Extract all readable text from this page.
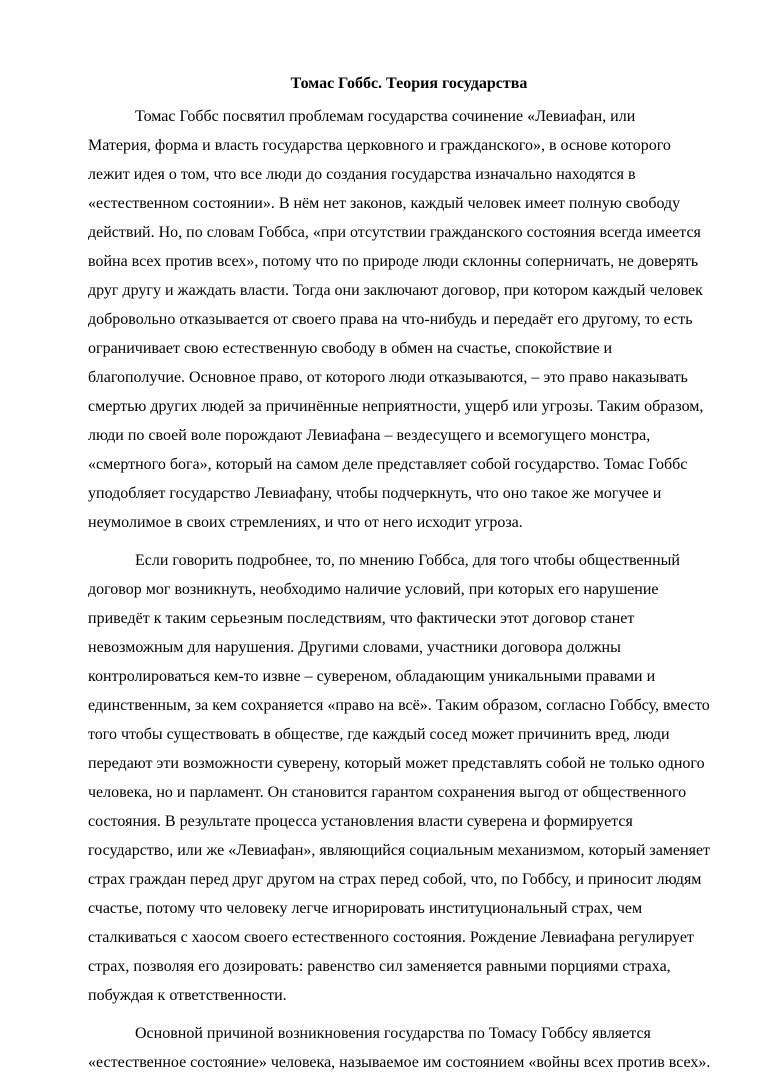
Томас Гоббс. Теория государства

Томас Гоббс посвятил проблемам государства сочинение «Левиафан, или
Материя, форма и власть государства церковного и гражданского», в основе которого
лежит идея о том, что все люди до создания государства изначально находятся в
«естественном состоянии». В нём нет законов, каждый человек имеет полную свободу
действий. Но, по словам Гоббса, «при отсутствии гражданского состояния всегда имеется
война всех против всех», потому что по природе люди склонны соперничать, не доверять
друг другу и жаждать власти. Тогда они заключают договор, при котором каждый человек
добровольно отказывается от своего права на что-нибудь и передаёт его другому, то есть
ограничивает свою естественную свободу в обмен на счастье, спокойствие и
благополучие. Основное право, от которого люди отказываются, – это право наказывать
смертью других людей за причинённые неприятности, ущерб или угрозы. Таким образом,
люди по своей воле порождают Левиафана – вездесущего и всемогущего монстра,
«смертного бога», который на самом деле представляет собой государство. Томас Гоббс
уподобляет государство Левиафану, чтобы подчеркнуть, что оно такое же могучее и
неумолимое в своих стремлениях, и что от него исходит угроза.

Если говорить подробнее, то, по мнению Гоббса, для того чтобы общественный
договор мог возникнуть, необходимо наличие условий, при которых его нарушение
приведёт к таким серьезным последствиям, что фактически этот договор станет
невозможным для нарушения. Другими словами, участники договора должны
контролироваться кем-то извне – сувереном, обладающим уникальными правами и
единственным, за кем сохраняется «право на всё». Таким образом, согласно Гоббсу, вместо
того чтобы существовать в обществе, где каждый сосед может причинить вред, люди
передают эти возможности суверену, который может представлять собой не только одного
человека, но и парламент. Он становится гарантом сохранения выгод от общественного
состояния. В результате процесса установления власти суверена и формируется
государство, или же «Левиафан», являющийся социальным механизмом, который заменяет
страх граждан перед друг другом на страх перед собой, что, по Гоббсу, и приносит людям
счастье, потому что человеку легче игнорировать институциональный страх, чем
сталкиваться с хаосом своего естественного состояния. Рождение Левиафана регулирует
страх, позволяя его дозировать: равенство сил заменяется равными порциями страха,
побуждая к ответственности.

Основной причиной возникновения государства по Томасу Гоббсу является
«естественное состояние» человека, называемое им состоянием «войны всех против всех».
